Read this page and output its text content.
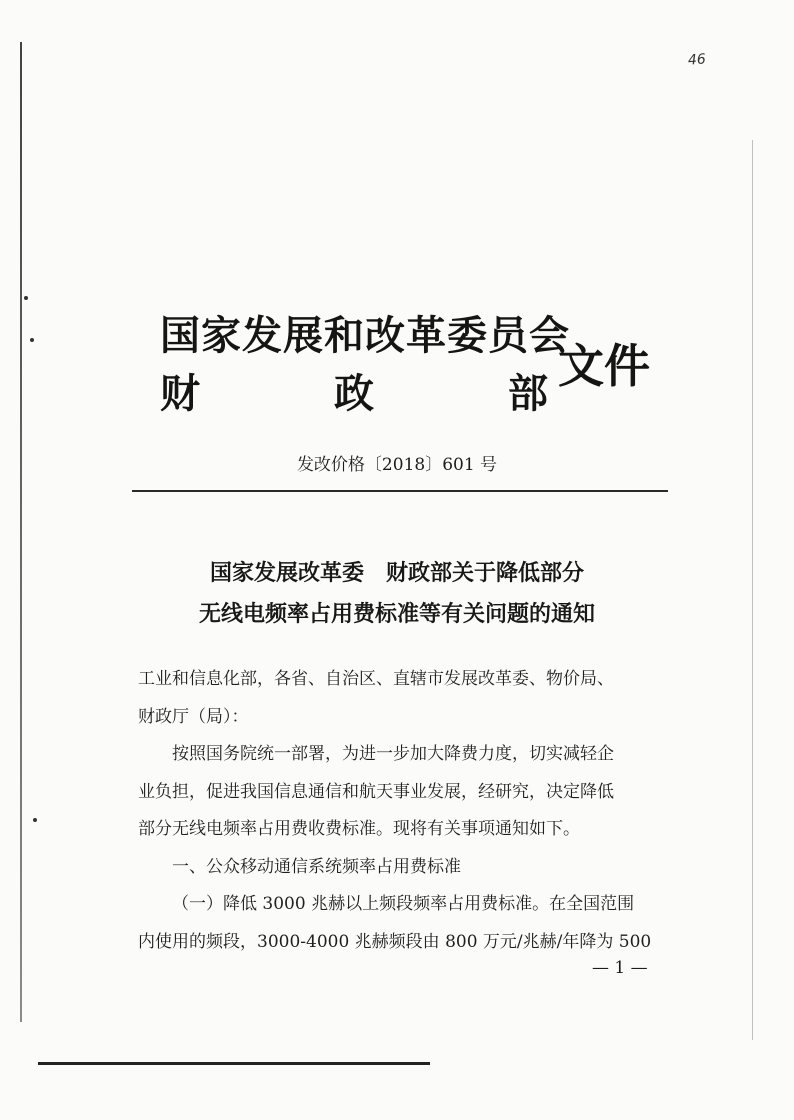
46
国家发展和改革委员会
财	政	部
文件
发改价格〔2018〕601 号
国家发展改革委　财政部关于降低部分
无线电频率占用费标准等有关问题的通知
工业和信息化部，各省、自治区、直辖市发展改革委、物价局、
财政厅（局）：
按照国务院统一部署，为进一步加大降费力度，切实减轻企
业负担，促进我国信息通信和航天事业发展，经研究，决定降低
部分无线电频率占用费收费标准。现将有关事项通知如下。
一、公众移动通信系统频率占用费标准
（一）降低 3000 兆赫以上频段频率占用费标准。在全国范围
内使用的频段，3000-4000 兆赫频段由 800 万元/兆赫/年降为 500
— 1 —
